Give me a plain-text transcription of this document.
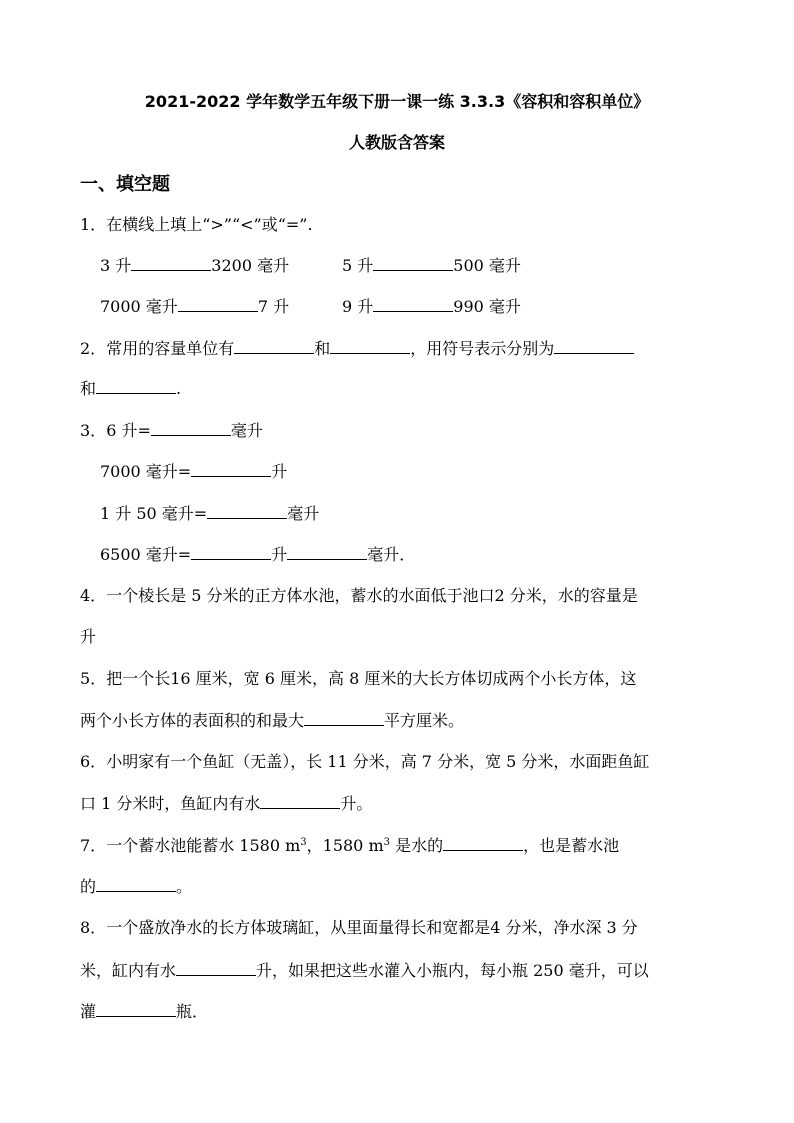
2021-2022 学年数学五年级下册一课一练 3.3.3《容积和容积单位》
人教版含答案
一、填空题
1．在横线上填上“>”“<”或“=”.
3 升	3200 毫升	5 升	500 毫升
7000 毫升	7 升	9 升	990 毫升
2．常用的容量单位有	和	，用符号表示分别为
和	.
3．6 升=	毫升
7000 毫升=	升
1 升 50 毫升=	毫升
6500 毫升=	升	毫升．
4．一个棱长是 5 分米的正方体水池，蓄水的水面低于池口2 分米，水的容量是
升
5．把一个长16 厘米，宽 6 厘米，高 8 厘米的大长方体切成两个小长方体，这
两个小长方体的表面积的和最大	平方厘米。
6．小明家有一个鱼缸（无盖），长 11 分米，高 7 分米，宽 5 分米，水面距鱼缸
口 1 分米时，鱼缸内有水	升。
7．一个蓄水池能蓄水 1580 $m^3$，1580 $m^3$ 是水的	，也是蓄水池
的	。
8．一个盛放净水的长方体玻璃缸，从里面量得长和宽都是4 分米，净水深 3 分
米，缸内有水	升，如果把这些水灌入小瓶内，每小瓶 250 毫升，可以
灌	瓶．
